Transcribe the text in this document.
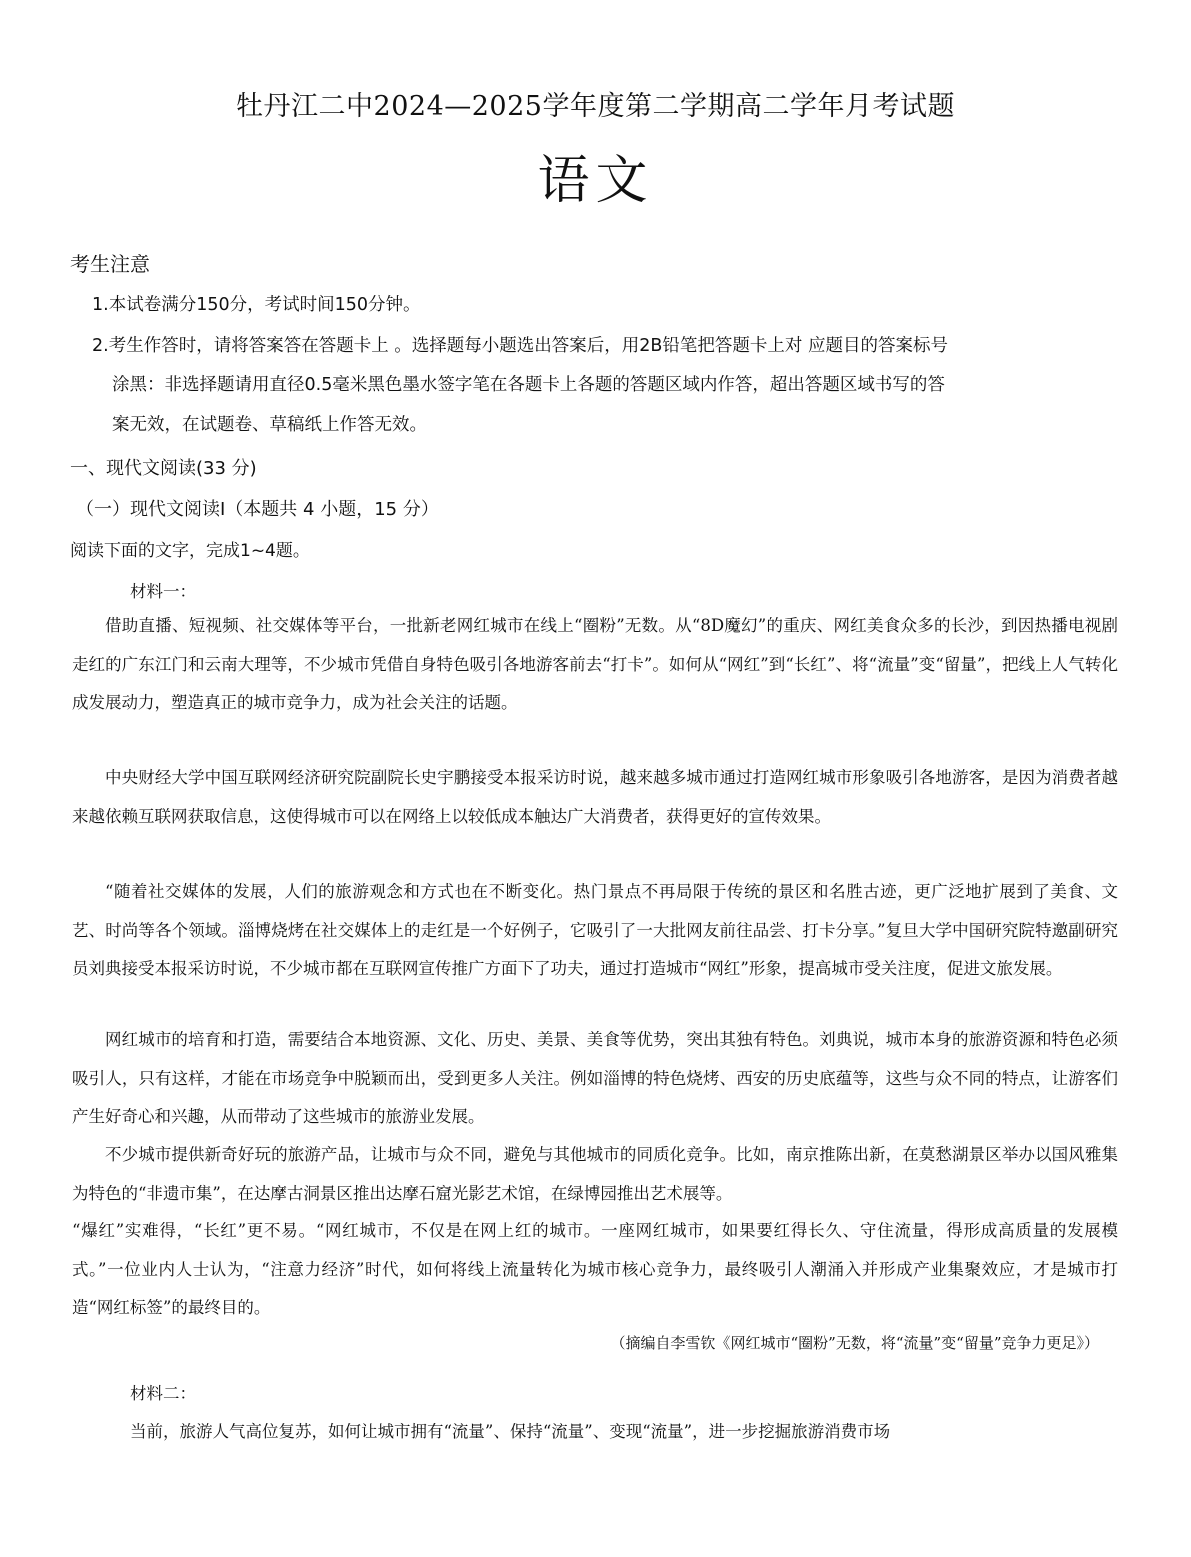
牡丹江二中2024—2025学年度第二学期高二学年月考试题
语文
考生注意
1.本试卷满分150分，考试时间150分钟。
2.考生作答时，请将答案答在答题卡上 。选择题每小题选出答案后，用2B铅笔把答题卡上对 应题目的答案标号
涂黑：非选择题请用直径0.5毫米黑色墨水签字笔在各题卡上各题的答题区域内作答，超出答题区域书写的答
案无效，在试题卷、草稿纸上作答无效。
一、现代文阅读(33 分)
（一）现代文阅读Ⅰ（本题共 4 小题，15 分）
阅读下面的文字，完成1~4题。
材料一：

借助直播、短视频、社交媒体等平台，一批新老网红城市在线上“圈粉”无数。从“8D魔幻”的重庆、网红美食众多的长沙，到因热播电视剧走红的广东江门和云南大理等，不少城市凭借自身特色吸引各地游客前去“打卡”。如何从“网红”到“长红”、将“流量”变“留量”，把线上人气转化成发展动力，塑造真正的城市竞争力，成为社会关注的话题。

中央财经大学中国互联网经济研究院副院长史宇鹏接受本报采访时说，越来越多城市通过打造网红城市形象吸引各地游客，是因为消费者越来越依赖互联网获取信息，这使得城市可以在网络上以较低成本触达广大消费者，获得更好的宣传效果。

“随着社交媒体的发展，人们的旅游观念和方式也在不断变化。热门景点不再局限于传统的景区和名胜古迹，更广泛地扩展到了美食、文艺、时尚等各个领域。淄博烧烤在社交媒体上的走红是一个好例子，它吸引了一大批网友前往品尝、打卡分享。”复旦大学中国研究院特邀副研究员刘典接受本报采访时说，不少城市都在互联网宣传推广方面下了功夫，通过打造城市“网红”形象，提高城市受关注度，促进文旅发展。

网红城市的培育和打造，需要结合本地资源、文化、历史、美景、美食等优势，突出其独有特色。刘典说，城市本身的旅游资源和特色必须吸引人，只有这样，才能在市场竞争中脱颖而出，受到更多人关注。例如淄博的特色烧烤、西安的历史底蕴等，这些与众不同的特点，让游客们产生好奇心和兴趣，从而带动了这些城市的旅游业发展。

不少城市提供新奇好玩的旅游产品，让城市与众不同，避免与其他城市的同质化竞争。比如，南京推陈出新，在莫愁湖景区举办以国风雅集为特色的“非遗市集”，在达摩古洞景区推出达摩石窟光影艺术馆，在绿博园推出艺术展等。

“爆红”实难得，“长红”更不易。“网红城市，不仅是在网上红的城市。一座网红城市，如果要红得长久、守住流量，得形成高质量的发展模式。”一位业内人士认为，“注意力经济”时代，如何将线上流量转化为城市核心竞争力，最终吸引人潮涌入并形成产业集聚效应，才是城市打造“网红标签”的最终目的。

（摘编自李雪钦《网红城市“圈粉”无数，将“流量”变“留量”竞争力更足》）
材料二：
当前，旅游人气高位复苏，如何让城市拥有“流量”、保持“流量”、变现“流量”，进一步挖掘旅游消费市场
